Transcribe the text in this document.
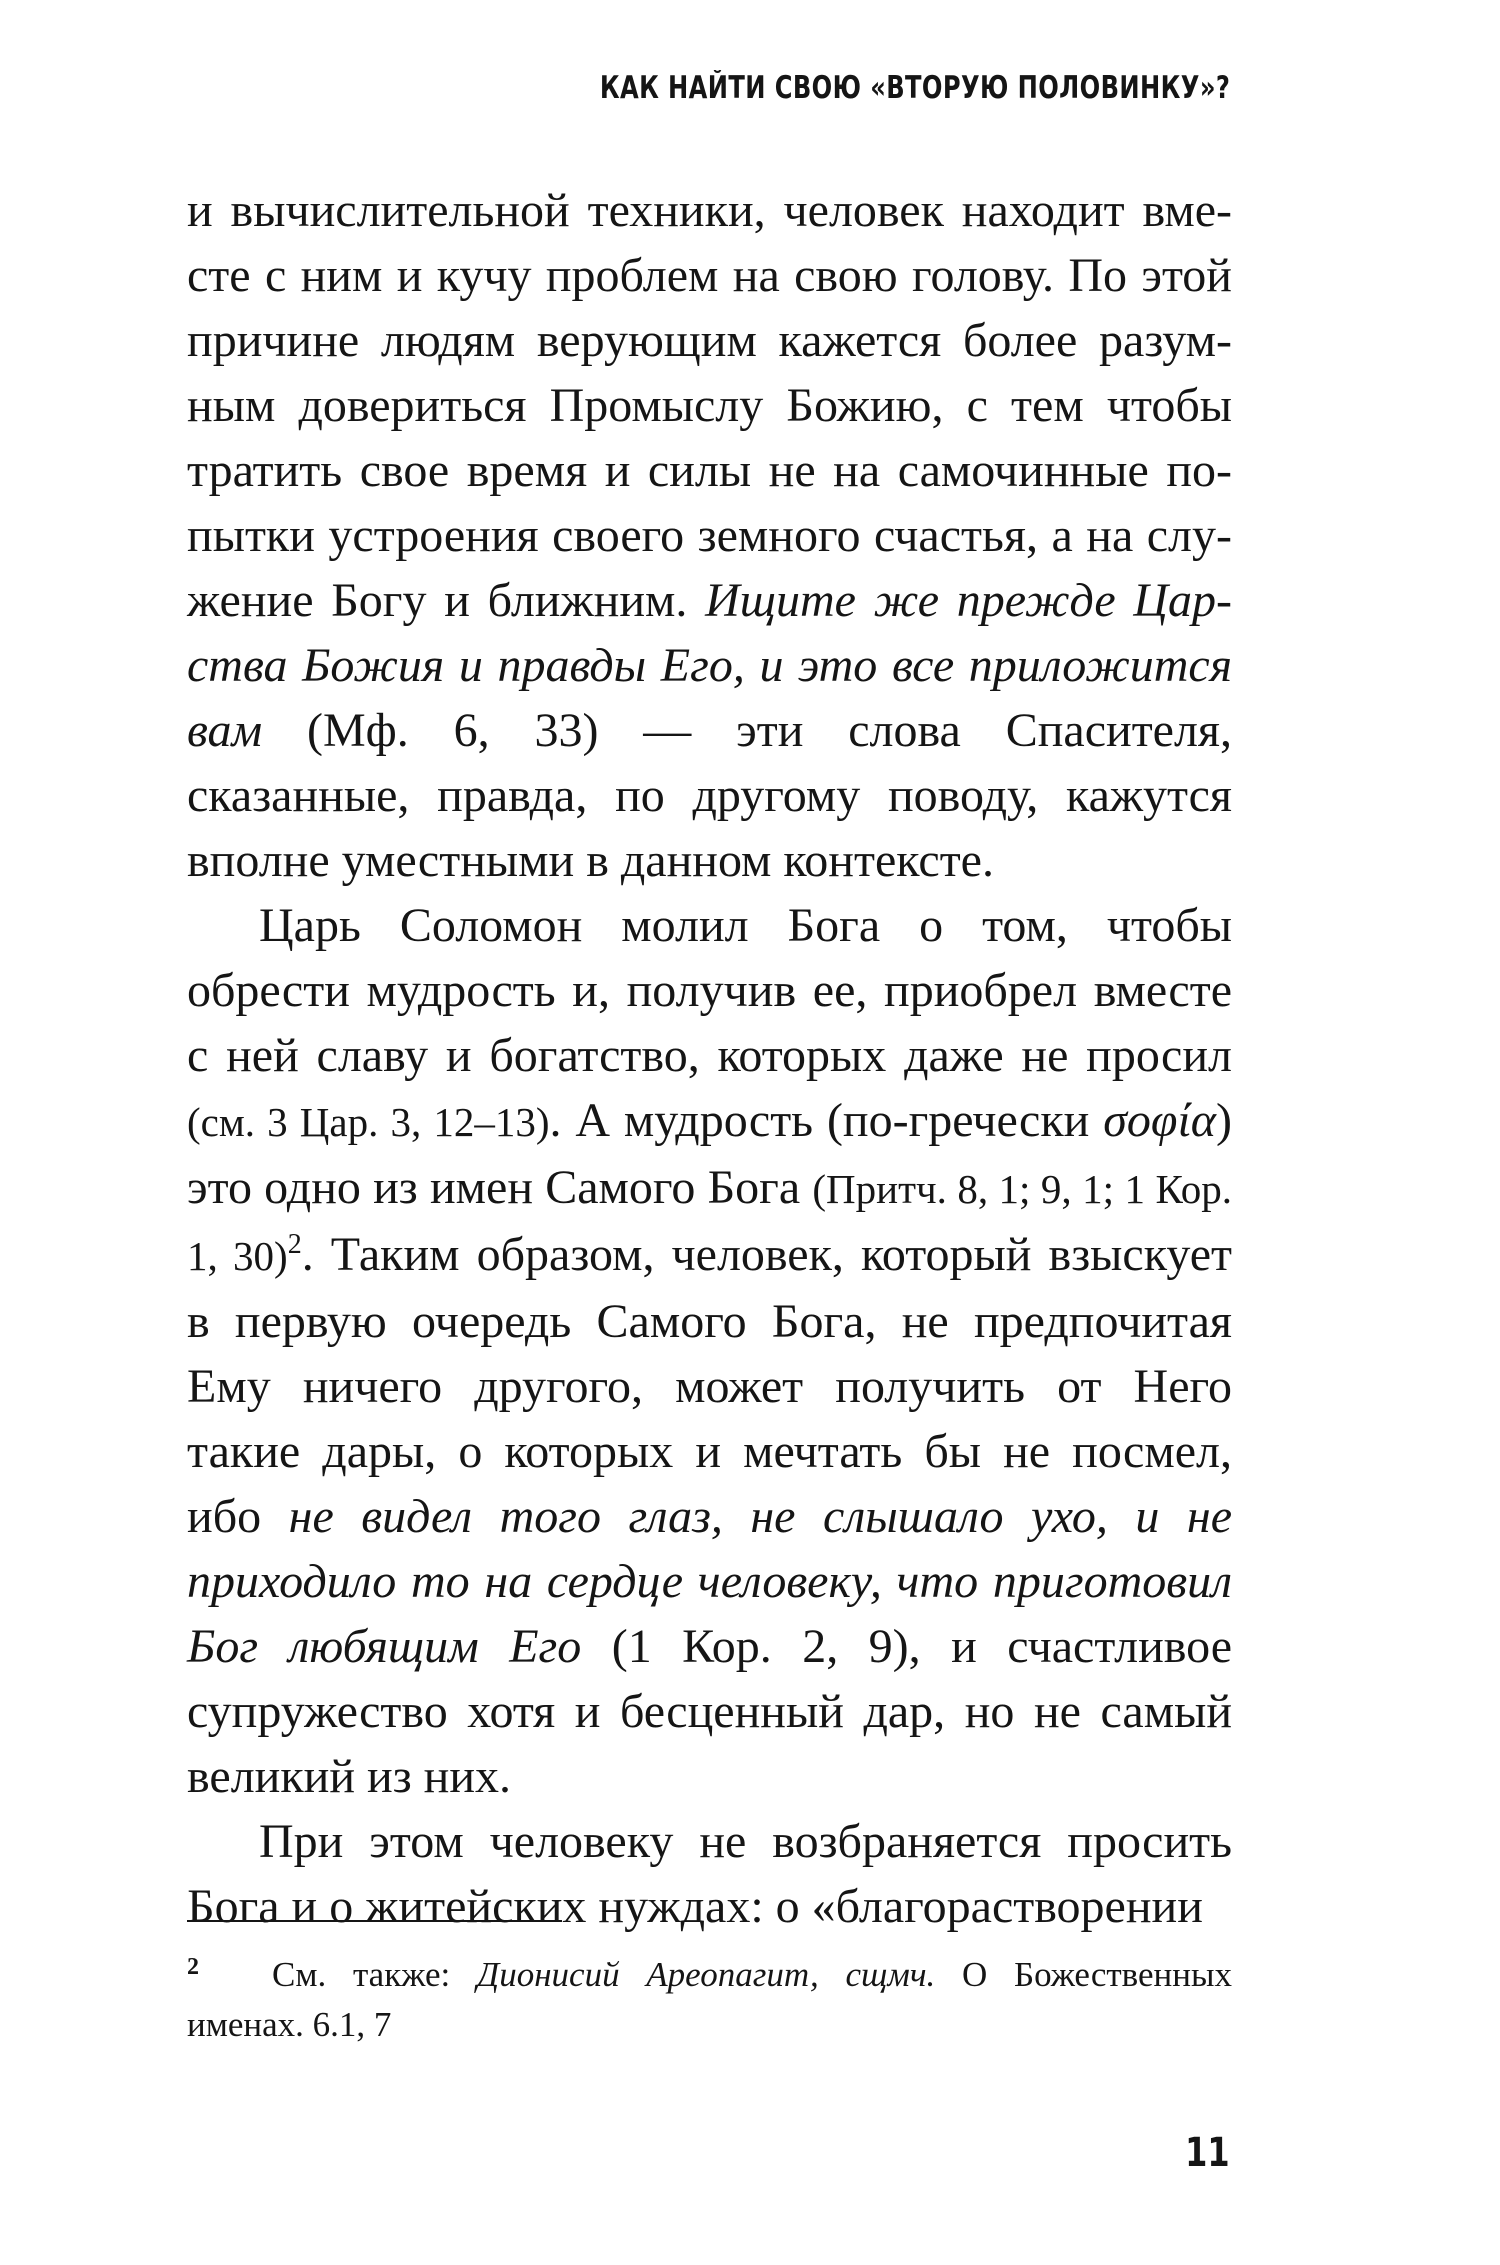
КАК НАЙТИ СВОЮ «ВТОРУЮ ПОЛОВИНКУ»?

и вычислительной техники, человек находит вместе с ним и кучу проблем на свою голову. По этой причине людям верующим кажется более разумным довериться Промыслу Божию, с тем чтобы тратить свое время и силы не на самочинные попытки устроения своего земного счастья, а на служение Богу и ближним. Ищите же прежде Царства Божия и правды Его, и это все приложится вам (Мф. 6, 33) — эти слова Спасителя, сказанные, правда, по другому поводу, кажутся вполне уместными в данном контексте.

Царь Соломон молил Бога о том, чтобы обрести мудрость и, получив ее, приобрел вместе с ней славу и богатство, которых даже не просил (см. 3 Цар. 3, 12–13). А мудрость (по-гречески σοφία) это одно из имен Самого Бога (Притч. 8, 1; 9, 1; 1 Кор. 1, 30)$^2$. Таким образом, человек, который взыскует в первую очередь Самого Бога, не предпочитая Ему ничего другого, может получить от Него такие дары, о которых и мечтать бы не посмел, ибо не видел того глаз, не слышало ухо, и не приходило то на сердце человеку, что приготовил Бог любящим Его (1 Кор. 2, 9), и счастливое супружество хотя и бесценный дар, но не самый великий из них.

При этом человеку не возбраняется просить Бога и о житейских нуждах: о «благорастворении

2 См. также: Дионисий Ареопагит, сщмч. О Божественных именах. 6.1, 7
11
